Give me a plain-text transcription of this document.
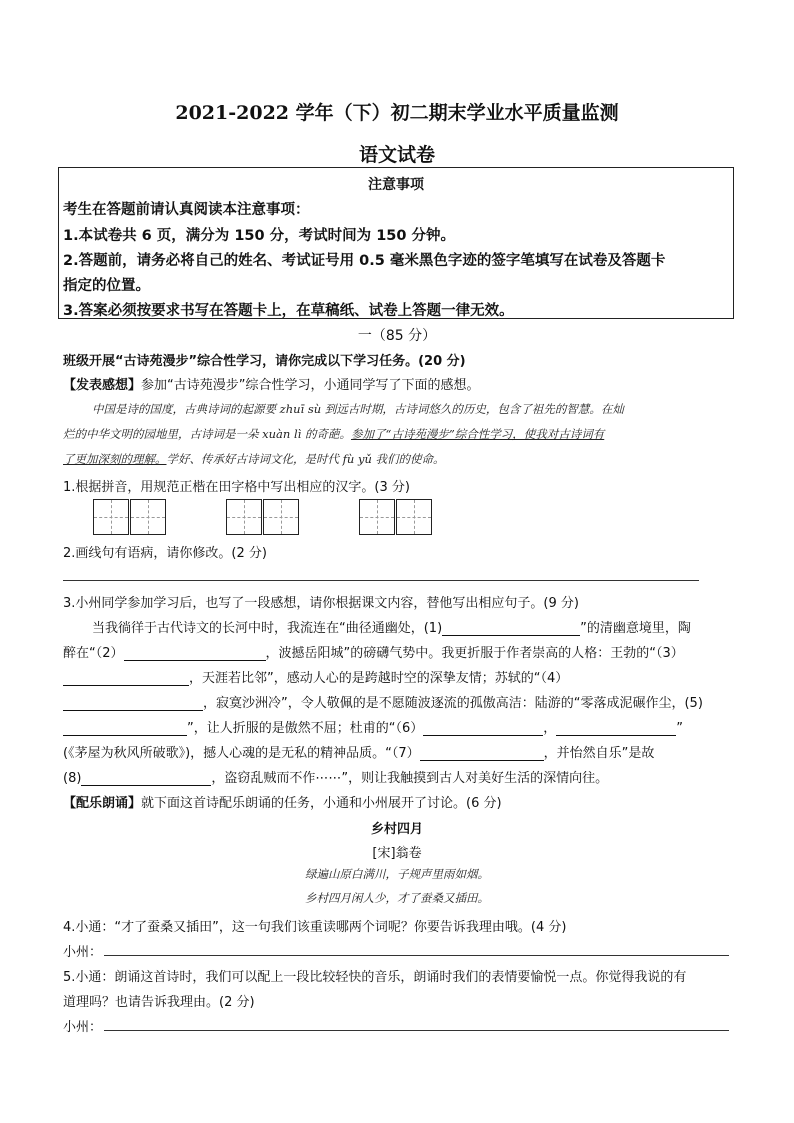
2021-2022 学年（下）初二期末学业水平质量监测
语文试卷
注意事项
考生在答题前请认真阅读本注意事项：
1.本试卷共 6 页，满分为 150 分，考试时间为 150 分钟。
2.答题前，请务必将自己的姓名、考试证号用 0.5 毫米黑色字迹的签字笔填写在试卷及答题卡
指定的位置。
3.答案必须按要求书写在答题卡上，在草稿纸、试卷上答题一律无效。
一（85 分）
班级开展“古诗苑漫步”综合性学习，请你完成以下学习任务。(20 分)
【发表感想】参加“古诗苑漫步”综合性学习，小通同学写了下面的感想。
中国是诗的国度，古典诗词的起源要 zhuī sù 到远古时期，古诗词悠久的历史，包含了祖先的智慧。在灿
烂的中华文明的园地里，古诗词是一朵 xuàn lì 的奇葩。参加了“古诗苑漫步”综合性学习，使我对古诗词有
了更加深刻的理解。学好、传承好古诗词文化，是时代 fù yǔ 我们的使命。
1.根据拼音，用规范正楷在田字格中写出相应的汉字。(3 分)
2.画线句有语病，请你修改。(2 分)
3.小州同学参加学习后，也写了一段感想，请你根据课文内容，替他写出相应句子。(9 分)
当我徜徉于古代诗文的长河中时，我流连在“曲径通幽处，(1)	”的清幽意境里，陶
醉在“（2）	，波撼岳阳城”的磅礴气势中。我更折服于作者崇高的人格：王勃的“（3）
，天涯若比邻”，感动人心的是跨越时空的深挚友情；苏轼的“（4）
，寂寞沙洲冷”，令人敬佩的是不愿随波逐流的孤傲高洁：陆游的“零落成泥碾作尘，(5)
”，让人折服的是傲然不屈；杜甫的“（6）	，	”
(《茅屋为秋风所破歌》)，撼人心魂的是无私的精神品质。“（7）	，并怡然自乐”是故
(8)	，盗窃乱贼而不作⋯⋯”，则让我触摸到古人对美好生活的深情向往。
【配乐朗诵】就下面这首诗配乐朗诵的任务，小通和小州展开了讨论。(6 分)
乡村四月
[宋]翁卷
绿遍山原白满川，子规声里雨如烟。
乡村四月闲人少，才了蚕桑又插田。
4.小通：“才了蚕桑又插田”，这一句我们该重读哪两个词呢？你要告诉我理由哦。(4 分)
小州：
5.小通：朗诵这首诗时，我们可以配上一段比较轻快的音乐，朗诵时我们的表情要愉悦一点。你觉得我说的有
道理吗？也请告诉我理由。(2 分)
小州：
